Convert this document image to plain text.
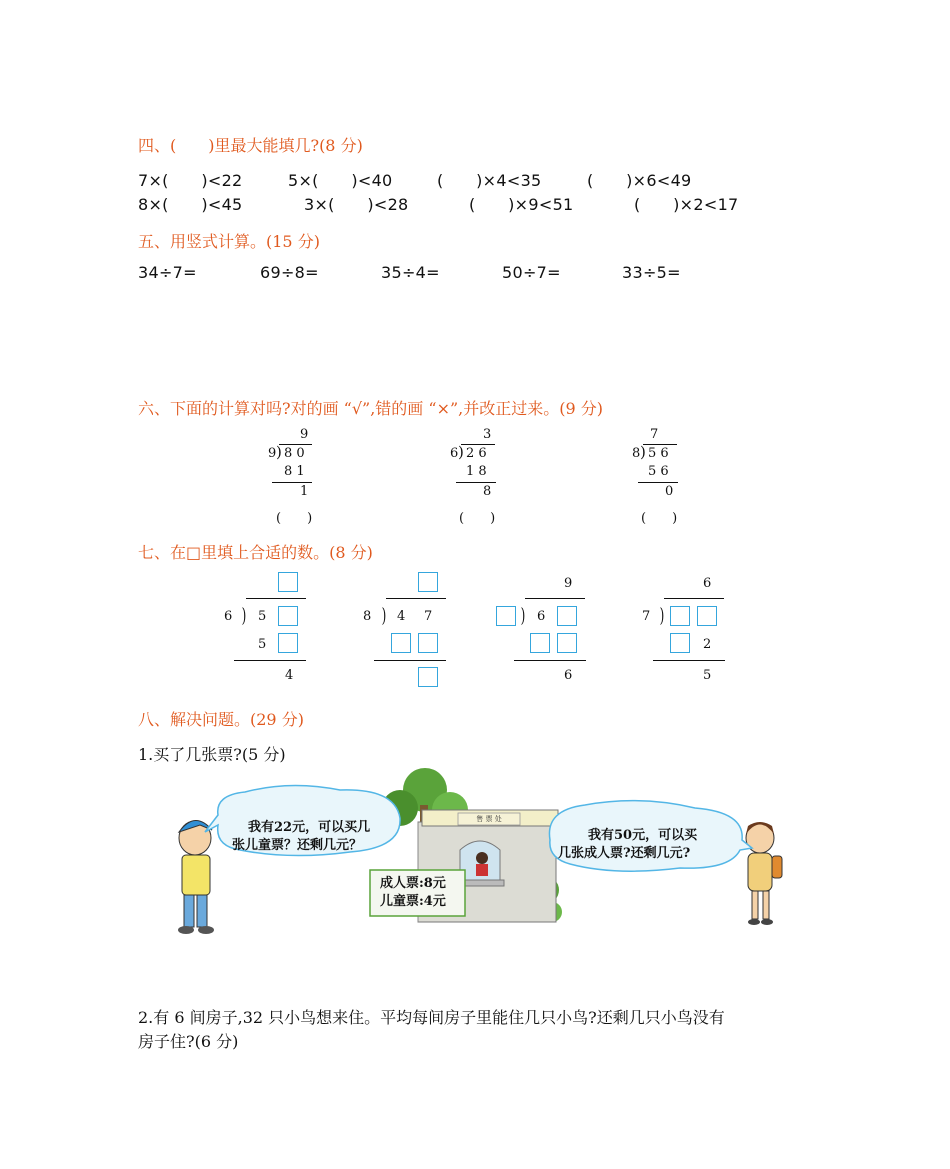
四、(　　)里最大能填几?(8 分)
7×(　　)<22	5×(　　)<40	(　　)×4<35	(　　)×6<49
8×(　　)<45	3×(　　)<28	(　　)×9<51	(　　)×2<17
五、用竖式计算。(15 分)
34÷7=	69÷8=	35÷4=	50÷7=	33÷5=
六、下面的计算对吗?对的画 “√”,错的画 “×”,并改正过来。(9 分)
9
9 ) 8 0
8 1
1
(　　)
3
6 ) 2 6
1 8
8
(　　)
7
8 ) 5 6
5 6
0
(　　)
七、在□里填上合适的数。(8 分)
6 ) 5
5
4
8 ) 4 7
9
) 6
6
6
7 )
2
5
八、解决问题。(29 分)
1.买了几张票?(5 分)
售 票 处
我有22元，可以买几
张儿童票？还剩几元？
我有50元，可以买
几张成人票?还剩几元?
成人票:8元
儿童票:4元
2.有 6 间房子,32 只小鸟想来住。平均每间房子里能住几只小鸟?还剩几只小鸟没有
房子住?(6 分)
